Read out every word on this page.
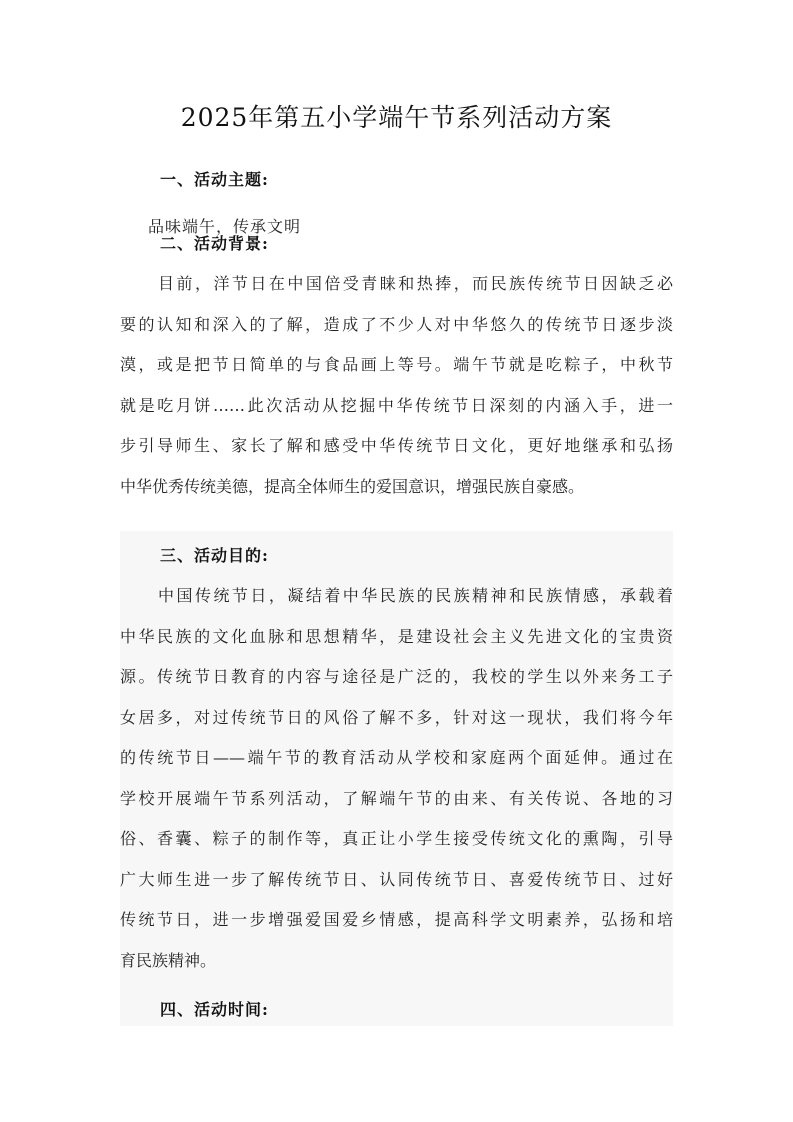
2025年第五小学端午节系列活动方案
一、活动主题:
品味端午，传承文明
二、活动背景:
目前，洋节日在中国倍受青睐和热捧，而民族传统节日因缺乏必
要的认知和深入的了解，造成了不少人对中华悠久的传统节日逐步淡
漠，或是把节日简单的与食品画上等号。端午节就是吃粽子，中秋节
就是吃月饼……此次活动从挖掘中华传统节日深刻的内涵入手，进一
步引导师生、家长了解和感受中华传统节日文化，更好地继承和弘扬
中华优秀传统美德，提高全体师生的爱国意识，增强民族自豪感。
三、活动目的:
中国传统节日，凝结着中华民族的民族精神和民族情感，承载着
中华民族的文化血脉和思想精华，是建设社会主义先进文化的宝贵资
源。传统节日教育的内容与途径是广泛的，我校的学生以外来务工子
女居多，对过传统节日的风俗了解不多，针对这一现状，我们将今年
的传统节日——端午节的教育活动从学校和家庭两个面延伸。通过在
学校开展端午节系列活动，了解端午节的由来、有关传说、各地的习
俗、香囊、粽子的制作等，真正让小学生接受传统文化的熏陶，引导
广大师生进一步了解传统节日、认同传统节日、喜爱传统节日、过好
传统节日，进一步增强爱国爱乡情感，提高科学文明素养，弘扬和培
育民族精神。
四、活动时间:
